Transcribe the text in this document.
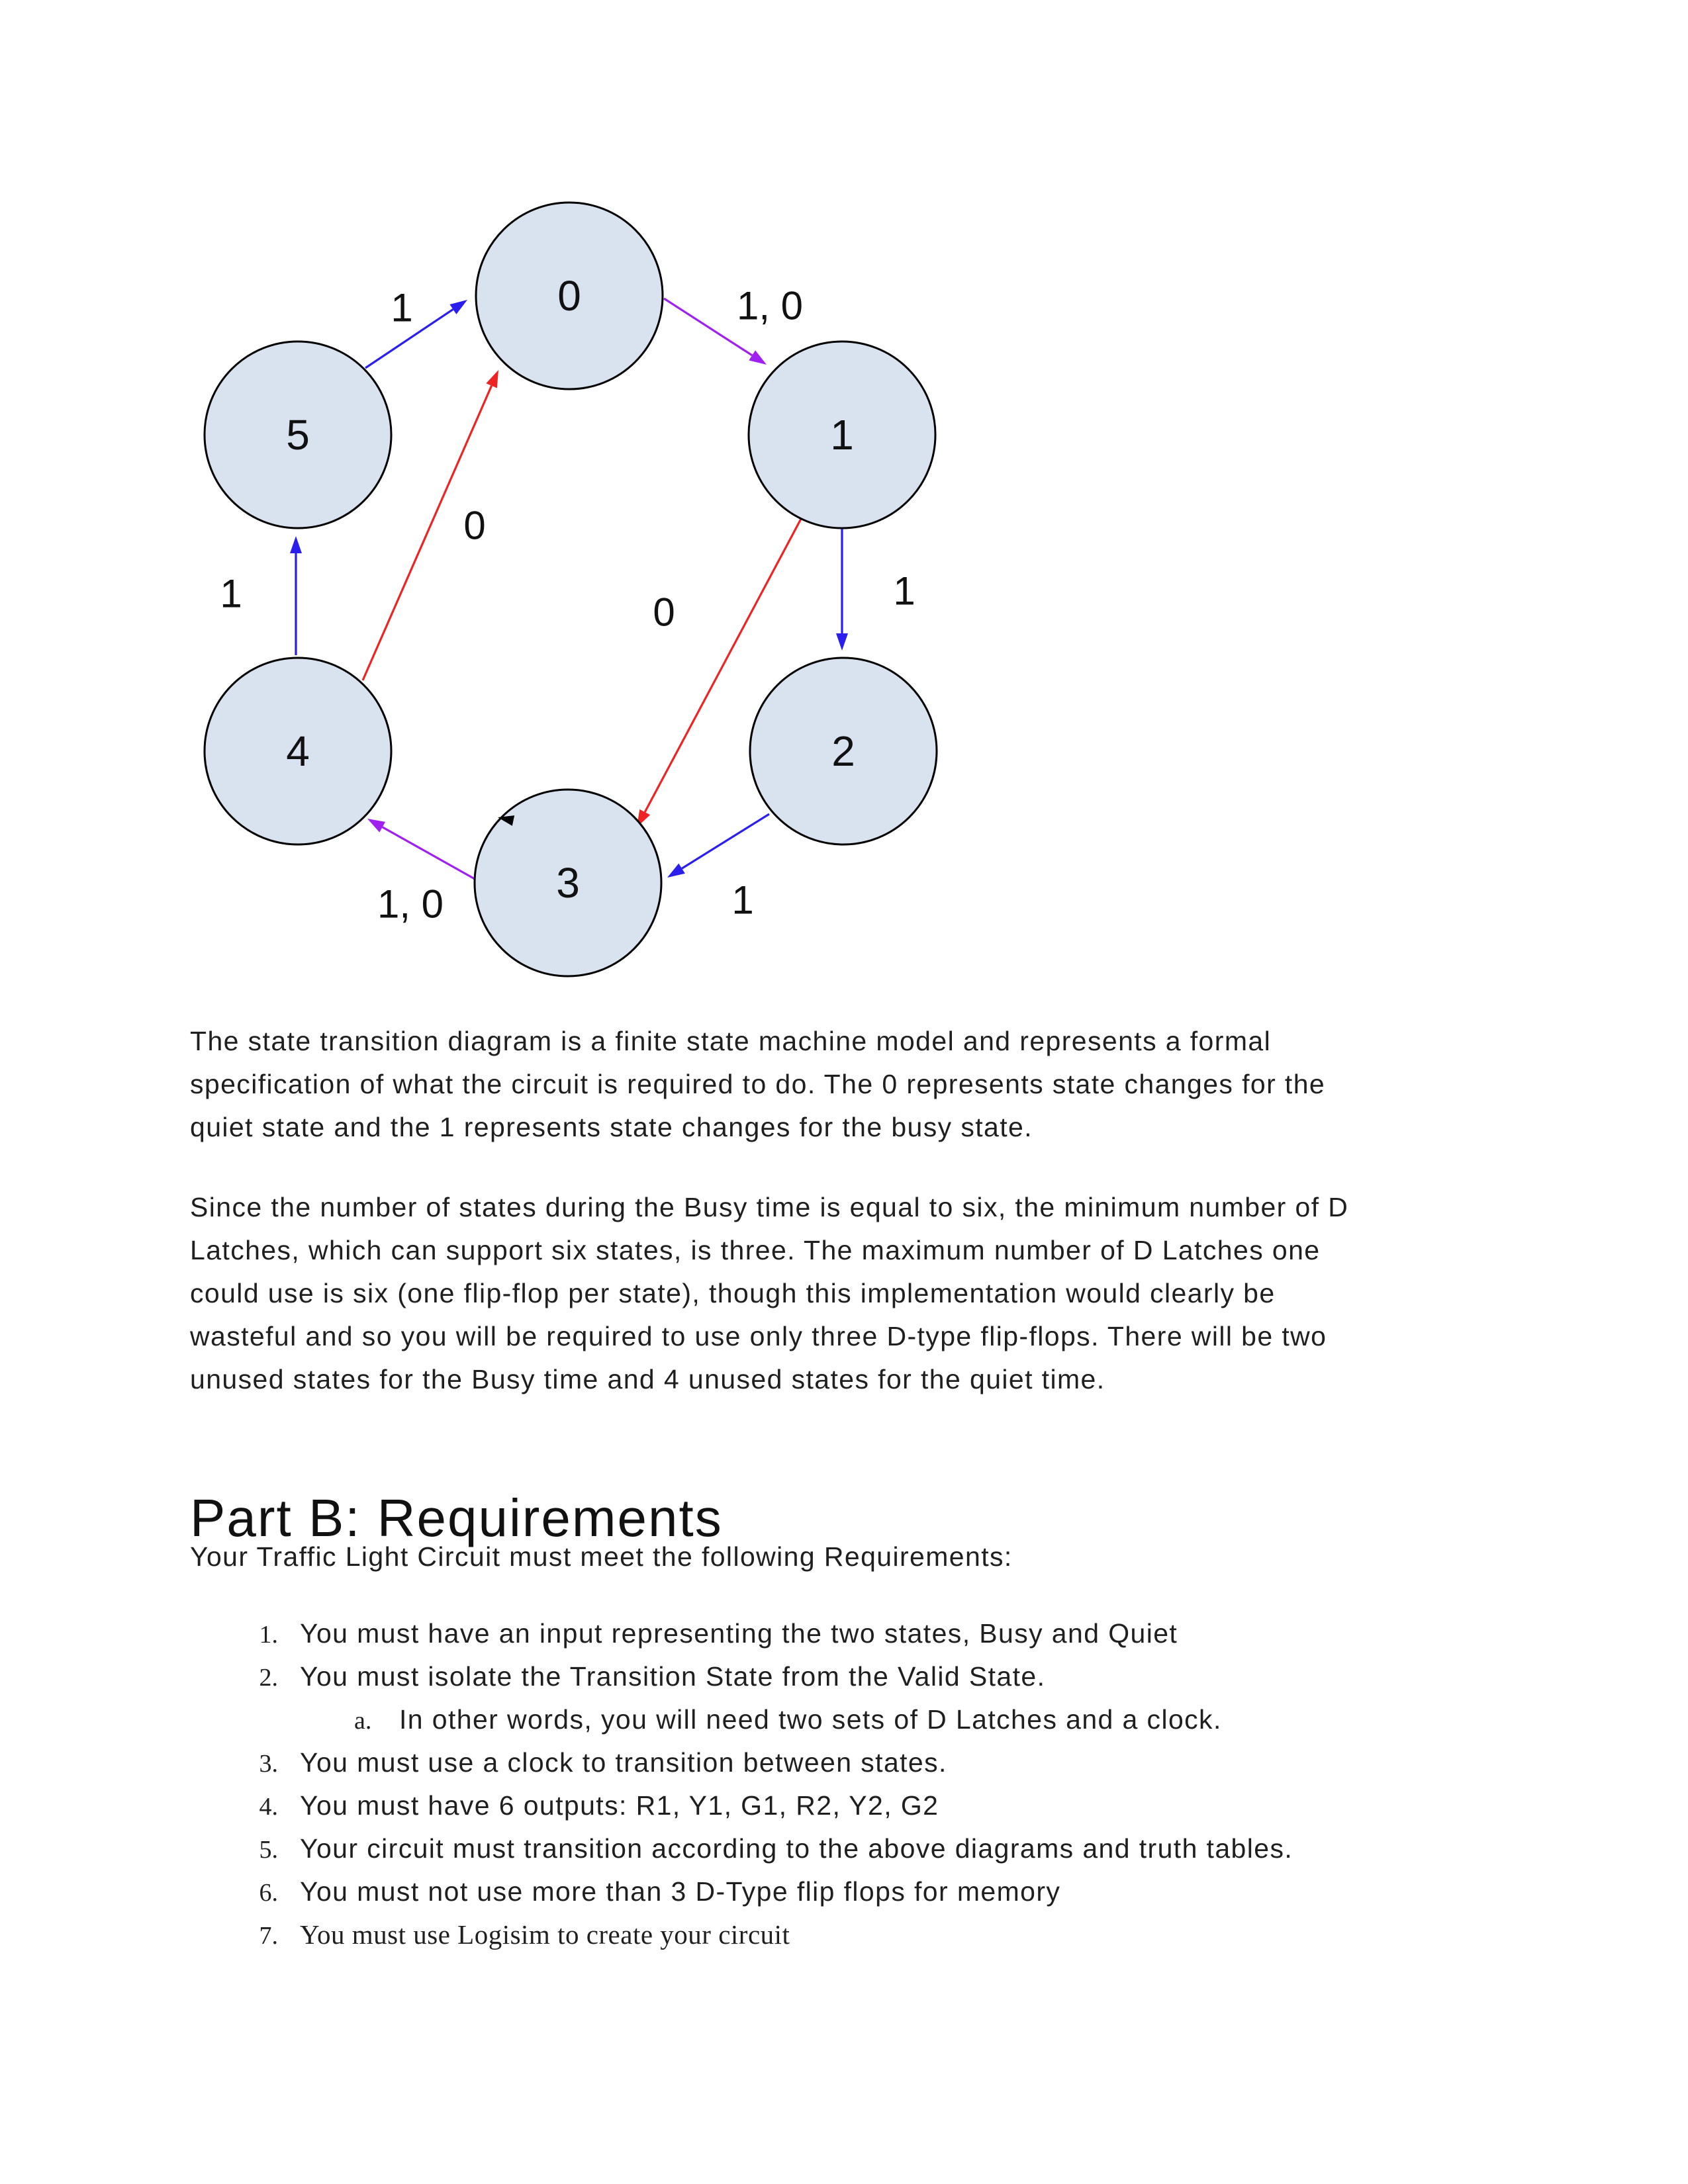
0
1
2
3
4
5
1	1, 0
0
0
1	1
1, 0	1
The state transition diagram is a finite state machine model and represents a formal
specification of what the circuit is required to do. The 0 represents state changes for the
quiet state and the 1 represents state changes for the busy state.
Since the number of states during the Busy time is equal to six, the minimum number of D
Latches, which can support six states, is three. The maximum number of D Latches one
could use is six (one flip-flop per state), though this implementation would clearly be
wasteful and so you will be required to use only three D-type flip-flops. There will be two
unused states for the Busy time and 4 unused states for the quiet time.
Part B: Requirements
Your Traffic Light Circuit must meet the following Requirements:
1. You must have an input representing the two states, Busy and Quiet
2. You must isolate the Transition State from the Valid State.
a.	In other words, you will need two sets of D Latches and a clock.
3. You must use a clock to transition between states.
4. You must have 6 outputs: R1, Y1, G1, R2, Y2, G2
5. Your circuit must transition according to the above diagrams and truth tables.
6. You must not use more than 3 D-Type flip flops for memory
7. You must use Logisim to create your circuit
